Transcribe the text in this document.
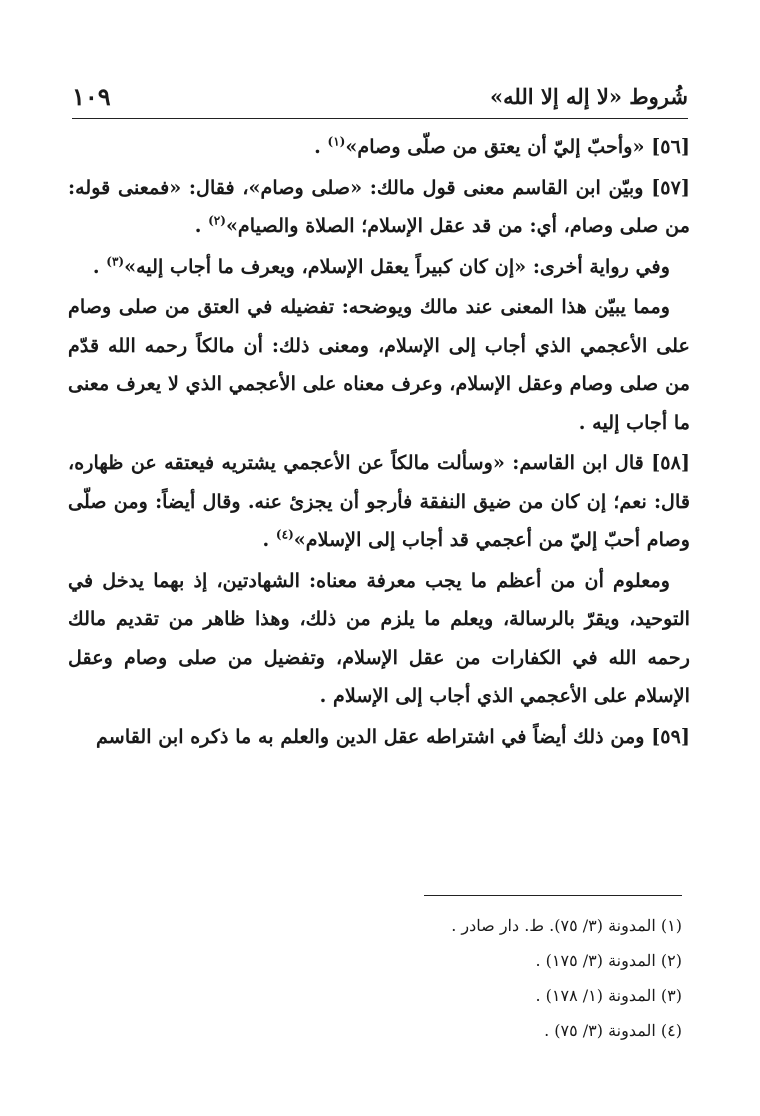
شُروط «لا إله إلا الله»
١٠٩

[٥٦] «وأحبّ إليّ أن يعتق من صلّى وصام»$^{(١)}$ .

[٥٧] وبيّن ابن القاسم معنى قول مالك: «صلى وصام»، فقال: «فمعنى قوله: من صلى وصام، أي: من قد عقل الإسلام؛ الصلاة والصيام»$^{(٢)}$ .

وفي رواية أخرى: «إن كان كبيراً يعقل الإسلام، ويعرف ما أجاب إليه»$^{(٣)}$ .

ومما يبيّن هذا المعنى عند مالك ويوضحه: تفضيله في العتق من صلى وصام على الأعجمي الذي أجاب إلى الإسلام، ومعنى ذلك: أن مالكاً رحمه الله قدّم من صلى وصام وعقل الإسلام، وعرف معناه على الأعجمي الذي لا يعرف معنى ما أجاب إليه .

[٥٨] قال ابن القاسم: «وسألت مالكاً عن الأعجمي يشتريه فيعتقه عن ظهاره، قال: نعم؛ إن كان من ضيق النفقة فأرجو أن يجزئ عنه. وقال أيضاً: ومن صلّى وصام أحبّ إليّ من أعجمي قد أجاب إلى الإسلام»$^{(٤)}$ .

ومعلوم أن من أعظم ما يجب معرفة معناه: الشهادتين، إذ بهما يدخل في التوحيد، ويقرّ بالرسالة، ويعلم ما يلزم من ذلك، وهذا ظاهر من تقديم مالك رحمه الله في الكفارات من عقل الإسلام، وتفضيل من صلى وصام وعقل الإسلام على الأعجمي الذي أجاب إلى الإسلام .

[٥٩] ومن ذلك أيضاً في اشتراطه عقل الدين والعلم به ما ذكره ابن القاسم

(١) المدونة (٣/ ٧٥). ط. دار صادر .

(٢) المدونة (٣/ ١٧٥) .

(٣) المدونة (١/ ١٧٨) .

(٤) المدونة (٣/ ٧٥) .
